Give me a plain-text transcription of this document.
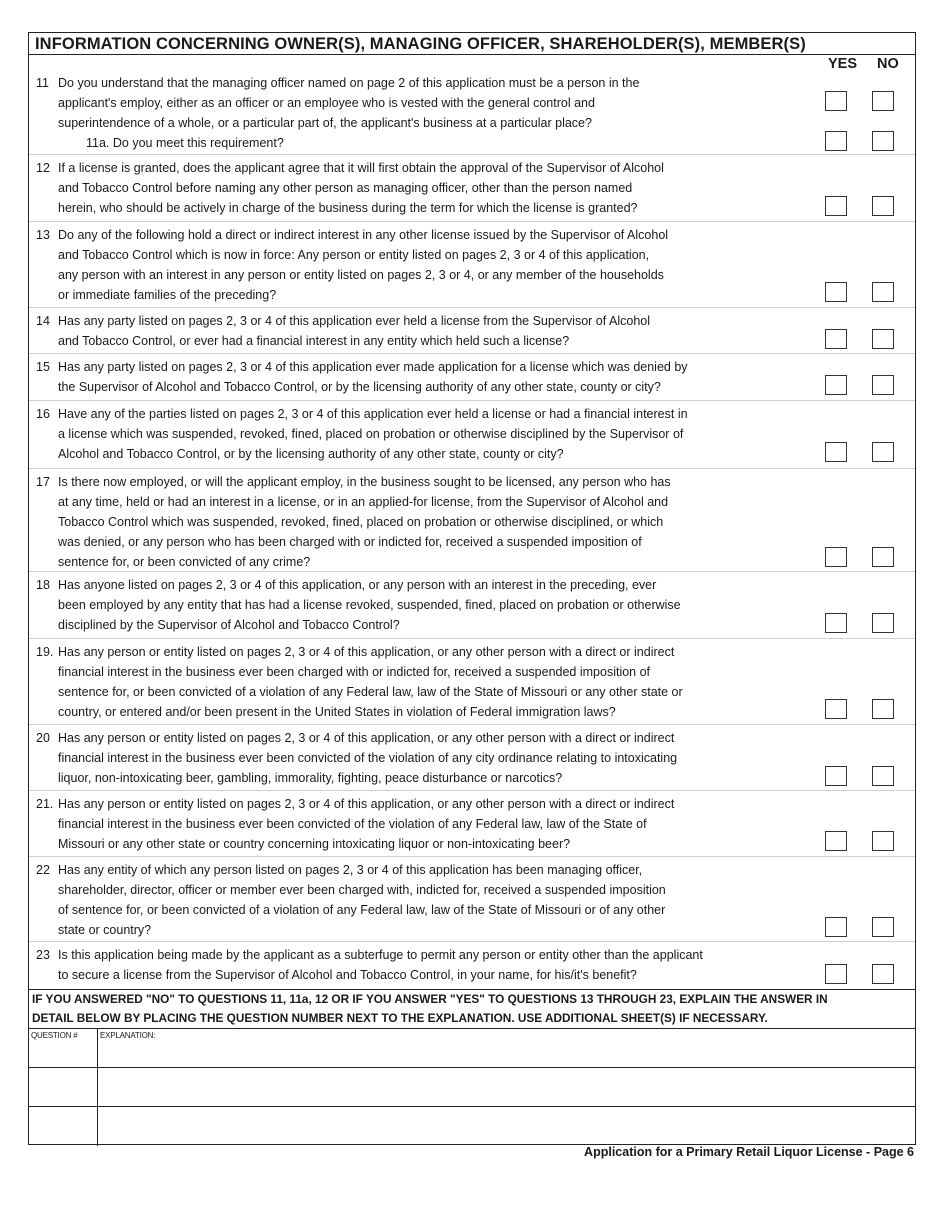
INFORMATION CONCERNING OWNER(S), MANAGING OFFICER, SHAREHOLDER(S), MEMBER(S)
YES NO
11 Do you understand that the managing officer named on page 2 of this application must be a person in the
applicant's employ, either as an officer or an employee who is vested with the general control and
superintendence of a whole, or a particular part of, the applicant's business at a particular place?
11a. Do you meet this requirement?
12 If a license is granted, does the applicant agree that it will first obtain the approval of the Supervisor of Alcohol
and Tobacco Control before naming any other person as managing officer, other than the person named
herein, who should be actively in charge of the business during the term for which the license is granted?
13 Do any of the following hold a direct or indirect interest in any other license issued by the Supervisor of Alcohol
and Tobacco Control which is now in force: Any person or entity listed on pages 2, 3 or 4 of this application,
any person with an interest in any person or entity listed on pages 2, 3 or 4, or any member of the households
or immediate families of the preceding?
14 Has any party listed on pages 2, 3 or 4 of this application ever held a license from the Supervisor of Alcohol
and Tobacco Control, or ever had a financial interest in any entity which held such a license?
15 Has any party listed on pages 2, 3 or 4 of this application ever made application for a license which was denied by
the Supervisor of Alcohol and Tobacco Control, or by the licensing authority of any other state, county or city?
16 Have any of the parties listed on pages 2, 3 or 4 of this application ever held a license or had a financial interest in
a license which was suspended, revoked, fined, placed on probation or otherwise disciplined by the Supervisor of
Alcohol and Tobacco Control, or by the licensing authority of any other state, county or city?
17 Is there now employed, or will the applicant employ, in the business sought to be licensed, any person who has
at any time, held or had an interest in a license, or in an applied-for license, from the Supervisor of Alcohol and
Tobacco Control which was suspended, revoked, fined, placed on probation or otherwise disciplined, or which
was denied, or any person who has been charged with or indicted for, received a suspended imposition of
sentence for, or been convicted of any crime?
18 Has anyone listed on pages 2, 3 or 4 of this application, or any person with an interest in the preceding, ever
been employed by any entity that has had a license revoked, suspended, fined, placed on probation or otherwise
disciplined by the Supervisor of Alcohol and Tobacco Control?
19. Has any person or entity listed on pages 2, 3 or 4 of this application, or any other person with a direct or indirect
financial interest in the business ever been charged with or indicted for, received a suspended imposition of
sentence for, or been convicted of a violation of any Federal law, law of the State of Missouri or any other state or
country, or entered and/or been present in the United States in violation of Federal immigration laws?
20 Has any person or entity listed on pages 2, 3 or 4 of this application, or any other person with a direct or indirect
financial interest in the business ever been convicted of the violation of any city ordinance relating to intoxicating
liquor, non-intoxicating beer, gambling, immorality, fighting, peace disturbance or narcotics?
21. Has any person or entity listed on pages 2, 3 or 4 of this application, or any other person with a direct or indirect
financial interest in the business ever been convicted of the violation of any Federal law, law of the State of
Missouri or any other state or country concerning intoxicating liquor or non-intoxicating beer?
22 Has any entity of which any person listed on pages 2, 3 or 4 of this application has been managing officer,
shareholder, director, officer or member ever been charged with, indicted for, received a suspended imposition
of sentence for, or been convicted of a violation of any Federal law, law of the State of Missouri or of any other
state or country?
23 Is this application being made by the applicant as a subterfuge to permit any person or entity other than the applicant
to secure a license from the Supervisor of Alcohol and Tobacco Control, in your name, for his/it's benefit?
IF YOU ANSWERED "NO" TO QUESTIONS 11, 11a, 12 OR IF YOU ANSWER "YES" TO QUESTIONS 13 THROUGH 23, EXPLAIN THE ANSWER IN
DETAIL BELOW BY PLACING THE QUESTION NUMBER NEXT TO THE EXPLANATION. USE ADDITIONAL SHEET(S) IF NECESSARY.
QUESTION #	EXPLANATION:
Application for a Primary Retail Liquor License - Page 6
